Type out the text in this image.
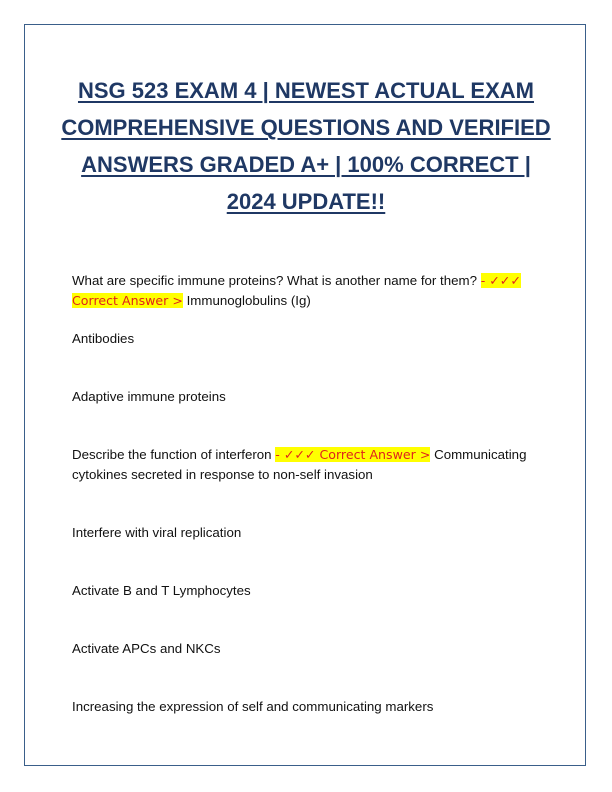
NSG 523 EXAM 4 | NEWEST ACTUAL EXAM COMPREHENSIVE QUESTIONS AND VERIFIED ANSWERS GRADED A+ | 100% CORRECT | 2024 UPDATE!!

What are specific immune proteins? What is another name for them? - ✓✓✓ Correct Answer > Immunoglobulins (Ig)

Antibodies

Adaptive immune proteins

Describe the function of interferon - ✓✓✓ Correct Answer > Communicating cytokines secreted in response to non-self invasion

Interfere with viral replication

Activate B and T Lymphocytes

Activate APCs and NKCs

Increasing the expression of self and communicating markers
